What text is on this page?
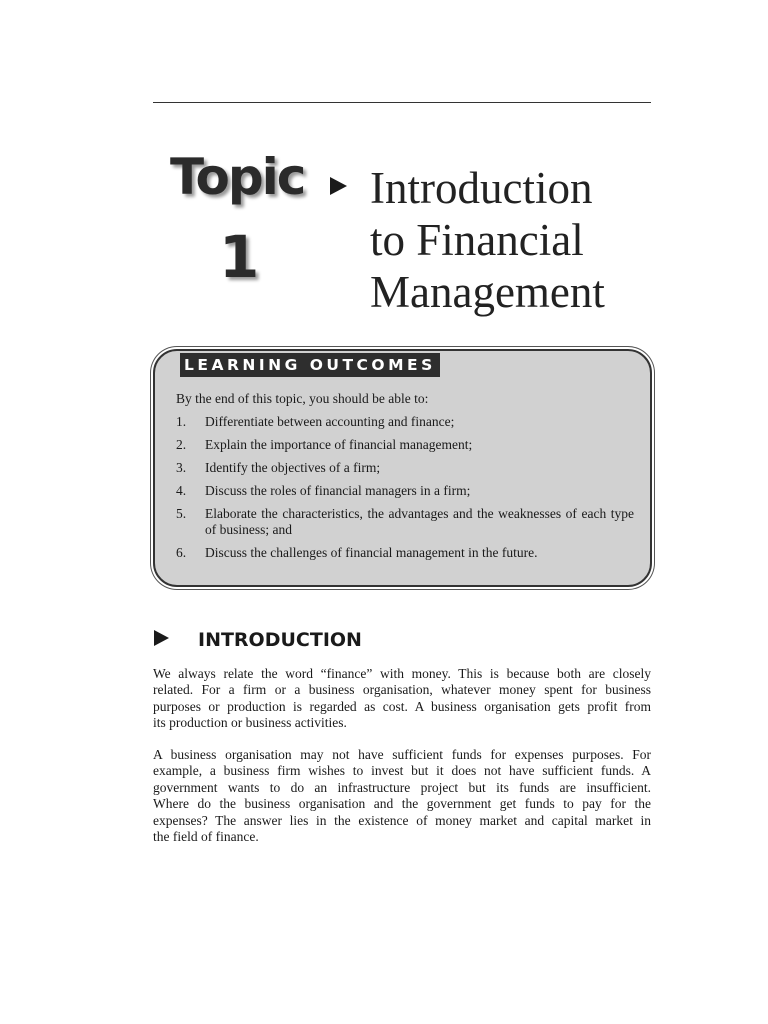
Topic
1
Introduction
to Financial
Management
LEARNING OUTCOMES
By the end of this topic, you should be able to:
1.	Differentiate between accounting and finance;
2.	Explain the importance of financial management;
3.	Identify the objectives of a firm;
4.	Discuss the roles of financial managers in a firm;
5.	Elaborate the characteristics, the advantages and the weaknesses of each type of business; and
6.	Discuss the challenges of financial management in the future.
INTRODUCTION
We always relate the word “finance” with money. This is because both are closely
related. For a firm or a business organisation, whatever money spent for business
purposes or production is regarded as cost. A business organisation gets profit from
its production or business activities.
A business organisation may not have sufficient funds for expenses purposes. For
example, a business firm wishes to invest but it does not have sufficient funds. A
government wants to do an infrastructure project but its funds are insufficient.
Where do the business organisation and the government get funds to pay for the
expenses? The answer lies in the existence of money market and capital market in
the field of finance.
